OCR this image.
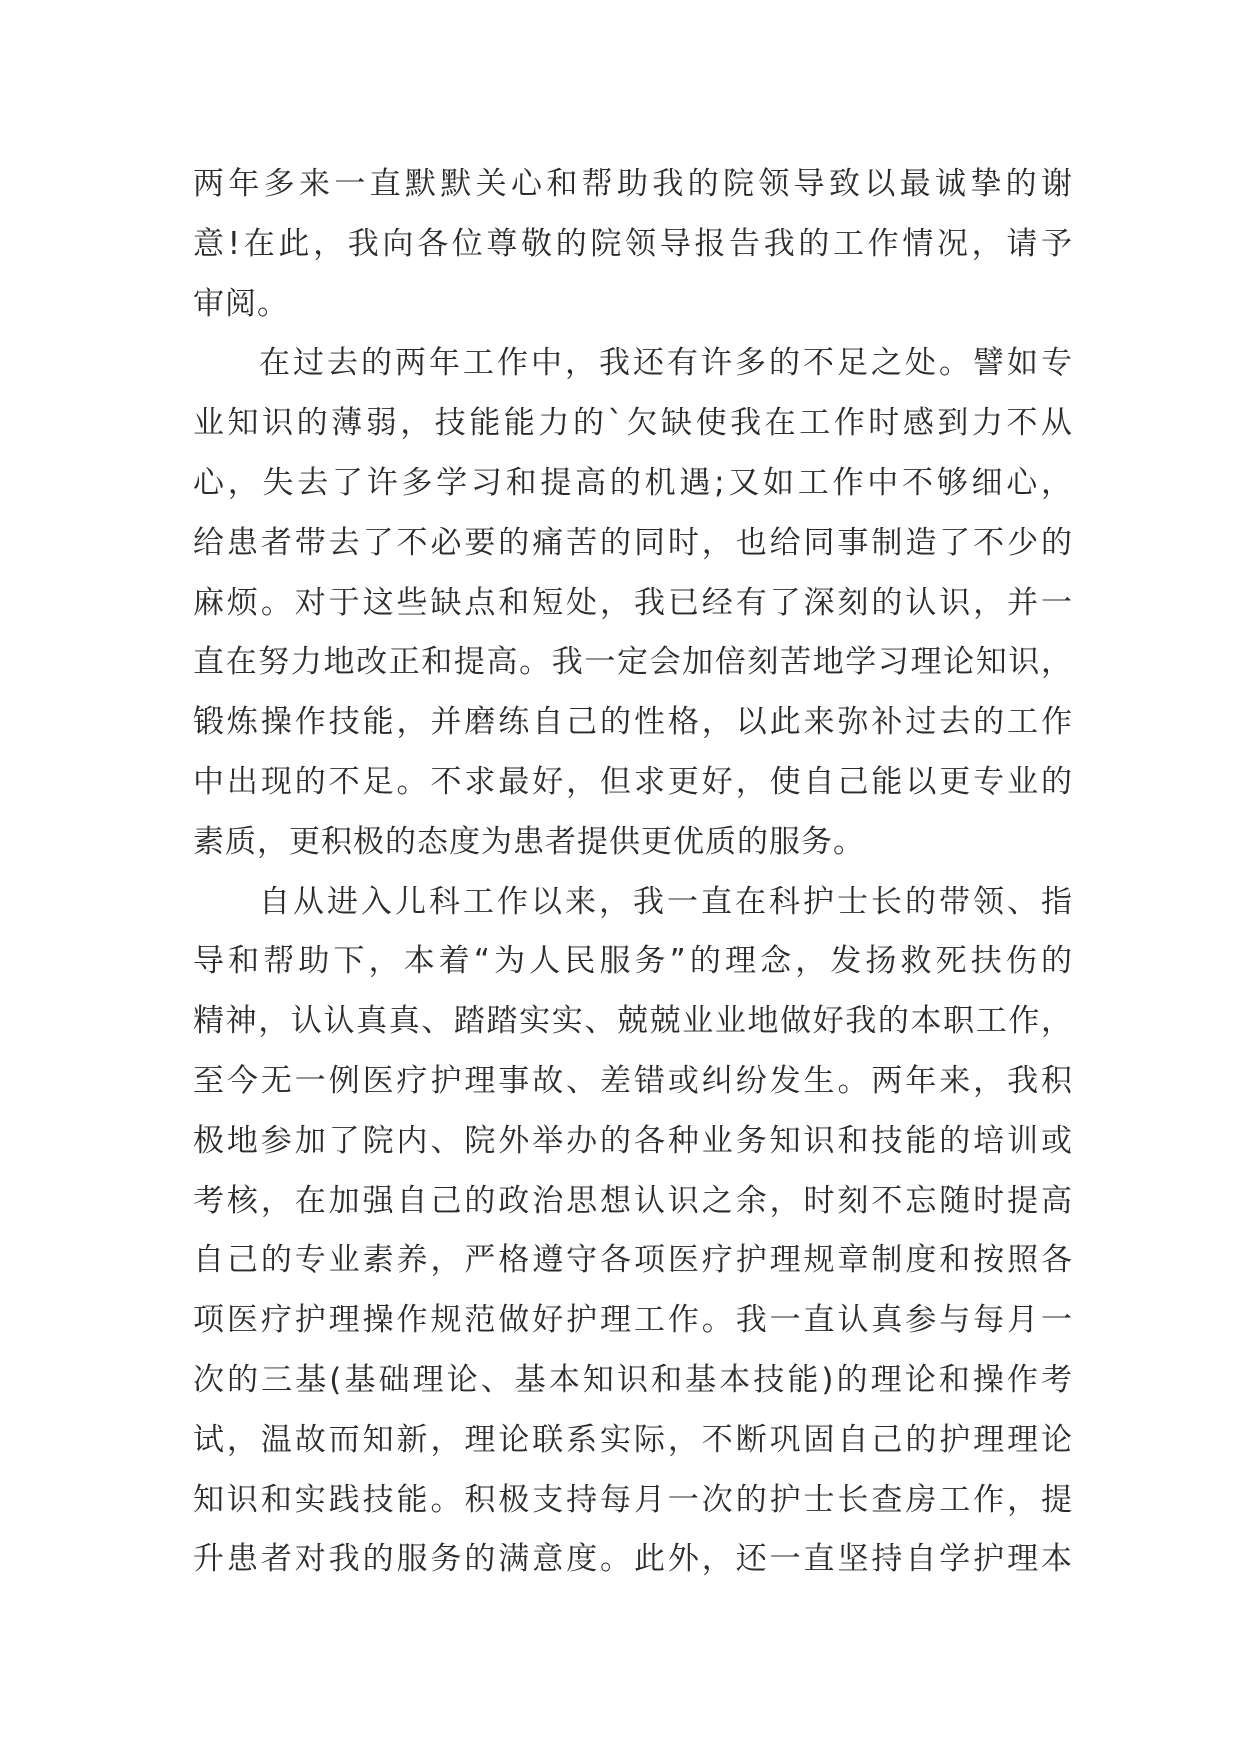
两年多来一直默默关心和帮助我的院领导致以最诚挚的谢
意!在此，我向各位尊敬的院领导报告我的工作情况，请予
审阅。
在过去的两年工作中，我还有许多的不足之处。譬如专
业知识的薄弱，技能能力的`欠缺使我在工作时感到力不从
心，失去了许多学习和提高的机遇;又如工作中不够细心，
给患者带去了不必要的痛苦的同时，也给同事制造了不少的
麻烦。对于这些缺点和短处，我已经有了深刻的认识，并一
直在努力地改正和提高。我一定会加倍刻苦地学习理论知识，
锻炼操作技能，并磨练自己的性格，以此来弥补过去的工作
中出现的不足。不求最好，但求更好，使自己能以更专业的
素质，更积极的态度为患者提供更优质的服务。
自从进入儿科工作以来，我一直在科护士长的带领、指
导和帮助下，本着“为人民服务”的理念，发扬救死扶伤的
精神，认认真真、踏踏实实、兢兢业业地做好我的本职工作，
至今无一例医疗护理事故、差错或纠纷发生。两年来，我积
极地参加了院内、院外举办的各种业务知识和技能的培训或
考核，在加强自己的政治思想认识之余，时刻不忘随时提高
自己的专业素养，严格遵守各项医疗护理规章制度和按照各
项医疗护理操作规范做好护理工作。我一直认真参与每月一
次的三基(基础理论、基本知识和基本技能)的理论和操作考
试，温故而知新，理论联系实际，不断巩固自己的护理理论
知识和实践技能。积极支持每月一次的护士长查房工作，提
升患者对我的服务的满意度。此外，还一直坚持自学护理本
